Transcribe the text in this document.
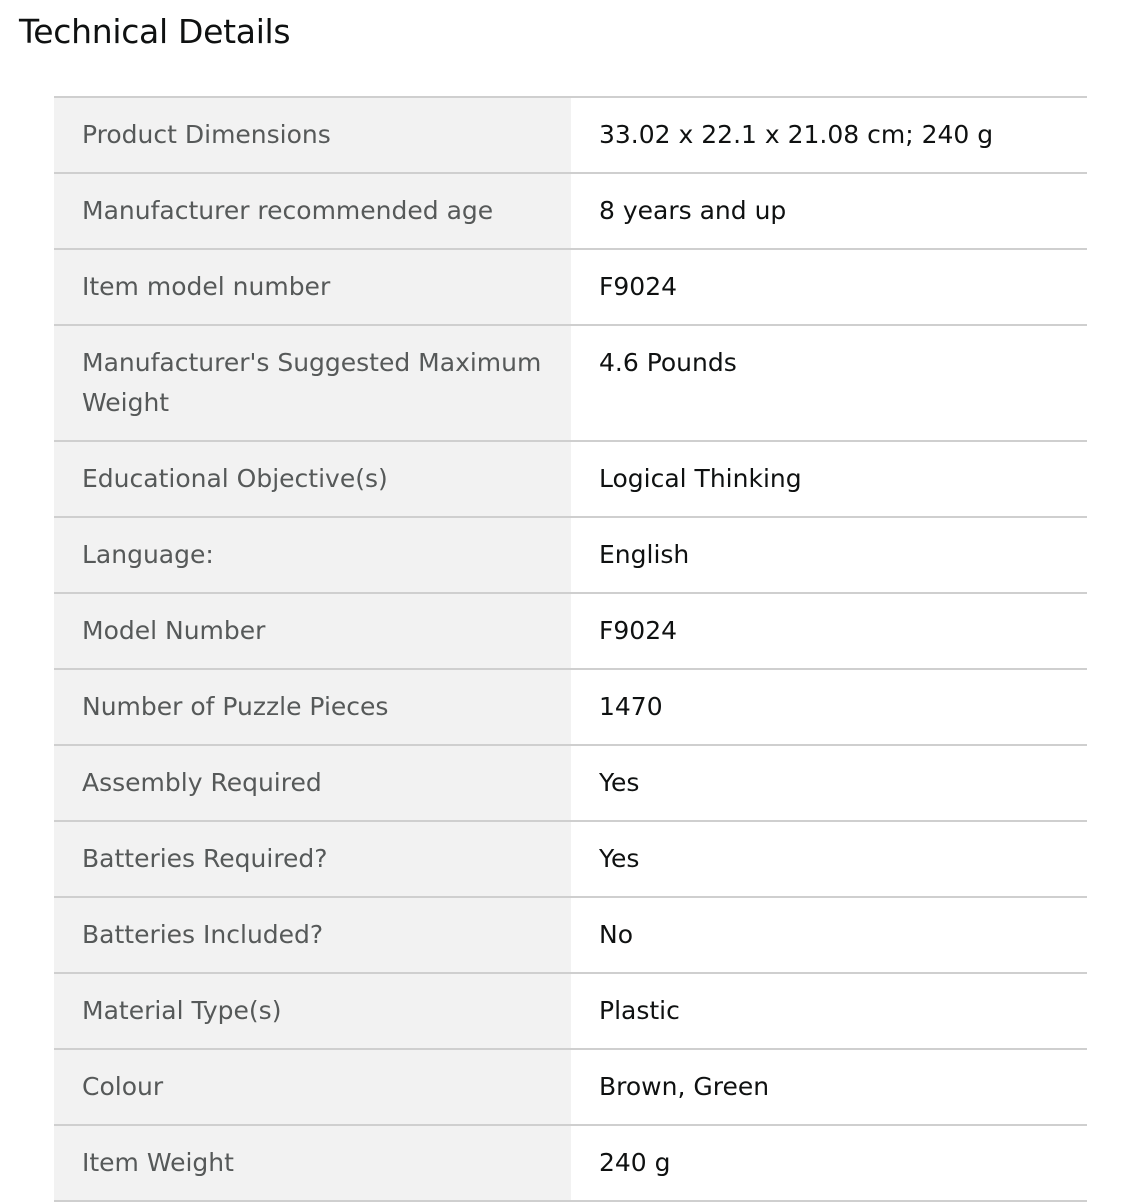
Technical Details
Product Dimensions	33.02 x 22.1 x 21.08 cm; 240 g
Manufacturer recommended age	8 years and up
Item model number	F9024
Manufacturer's Suggested Maximum Weight	4.6 Pounds
Educational Objective(s)	Logical Thinking
Language:	English
Model Number	F9024
Number of Puzzle Pieces	1470
Assembly Required	Yes
Batteries Required?	Yes
Batteries Included?	No
Material Type(s)	Plastic
Colour	Brown, Green
Item Weight	240 g
